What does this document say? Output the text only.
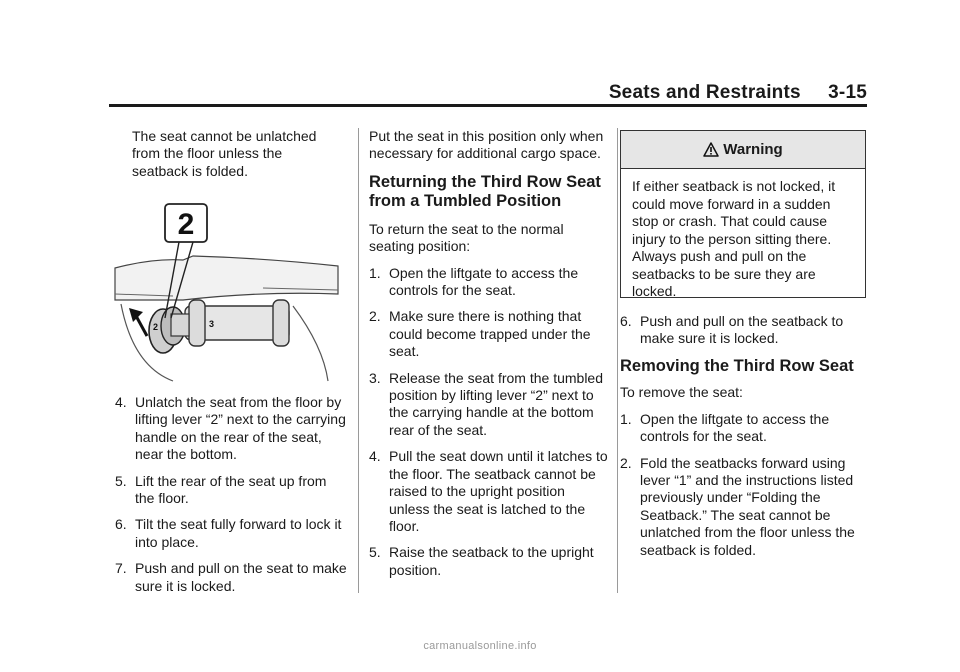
Seats and Restraints     3-15

The seat cannot be unlatched from the floor unless the seatback is folded.

2
2	3
4. Unlatch the seat from the floor by lifting lever “2” next to the carrying handle on the rear of the seat, near the bottom.
5. Lift the rear of the seat up from the floor.
6. Tilt the seat fully forward to lock it into place.
7. Push and pull on the seat to make sure it is locked.

Put the seat in this position only when necessary for additional cargo space.

Returning the Third Row Seat from a Tumbled Position

To return the seat to the normal seating position:

1. Open the liftgate to access the controls for the seat.
2. Make sure there is nothing that could become trapped under the seat.
3. Release the seat from the tumbled position by lifting lever “2” next to the carrying handle at the bottom rear of the seat.
4. Pull the seat down until it latches to the floor. The seatback cannot be raised to the upright position unless the seat is latched to the floor.
5. Raise the seatback to the upright position.
Warning
If either seatback is not locked, it could move forward in a sudden stop or crash. That could cause injury to the person sitting there. Always push and pull on the seatbacks to be sure they are locked.
6. Push and pull on the seatback to make sure it is locked.
Removing the Third Row Seat

To remove the seat:

1. Open the liftgate to access the controls for the seat.
2. Fold the seatbacks forward using lever “1” and the instructions listed previously under “Folding the Seatback.” The seat cannot be unlatched from the floor unless the seatback is folded.
carmanualsonline.info
